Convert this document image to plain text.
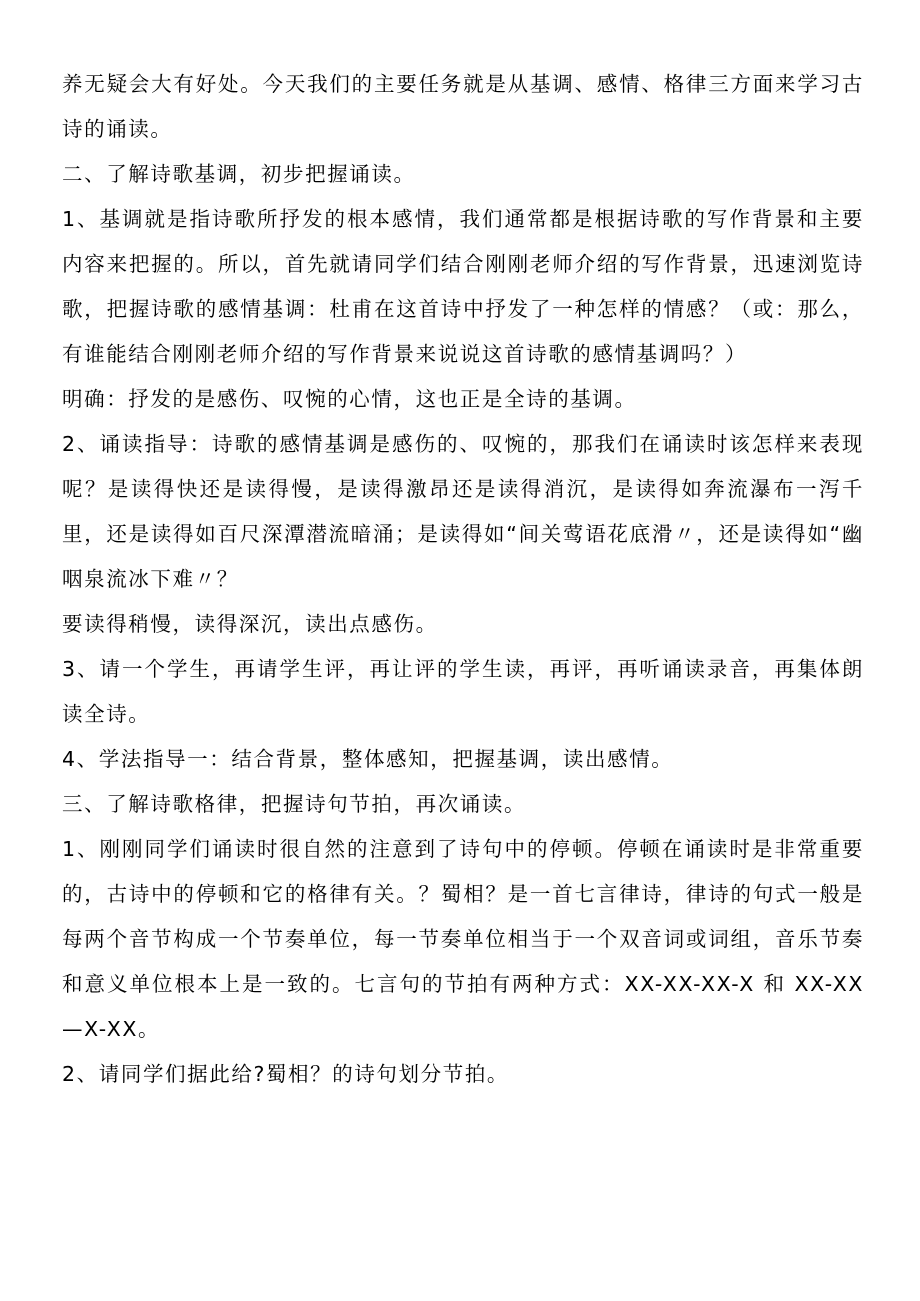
养无疑会大有好处。今天我们的主要任务就是从基调、感情、格律三方面来学习古诗的诵读。

二、了解诗歌基调，初步把握诵读。

1、基调就是指诗歌所抒发的根本感情，我们通常都是根据诗歌的写作背景和主要内容来把握的。所以，首先就请同学们结合刚刚老师介绍的写作背景，迅速浏览诗歌，把握诗歌的感情基调：杜甫在这首诗中抒发了一种怎样的情感？（或：那么，有谁能结合刚刚老师介绍的写作背景来说说这首诗歌的感情基调吗？）

明确：抒发的是感伤、叹惋的心情，这也正是全诗的基调。

2、诵读指导：诗歌的感情基调是感伤的、叹惋的，那我们在诵读时该怎样来表现呢？是读得快还是读得慢，是读得激昂还是读得消沉，是读得如奔流瀑布一泻千里，还是读得如百尺深潭潜流暗涌；是读得如“间关莺语花底滑〃，还是读得如“幽咽泉流冰下难〃？

要读得稍慢，读得深沉，读出点感伤。

3、请一个学生，再请学生评，再让评的学生读，再评，再听诵读录音，再集体朗读全诗。

4、学法指导一：结合背景，整体感知，把握基调，读出感情。

三、了解诗歌格律，把握诗句节拍，再次诵读。

1、刚刚同学们诵读时很自然的注意到了诗句中的停顿。停顿在诵读时是非常重要的，古诗中的停顿和它的格律有关。？蜀相？是一首七言律诗，律诗的句式一般是每两个音节构成一个节奏单位，每一节奏单位相当于一个双音词或词组，音乐节奏和意义单位根本上是一致的。七言句的节拍有两种方式：XX-XX-XX-X 和 XX-XX—X-XX。

2、请同学们据此给?蜀相？的诗句划分节拍。
